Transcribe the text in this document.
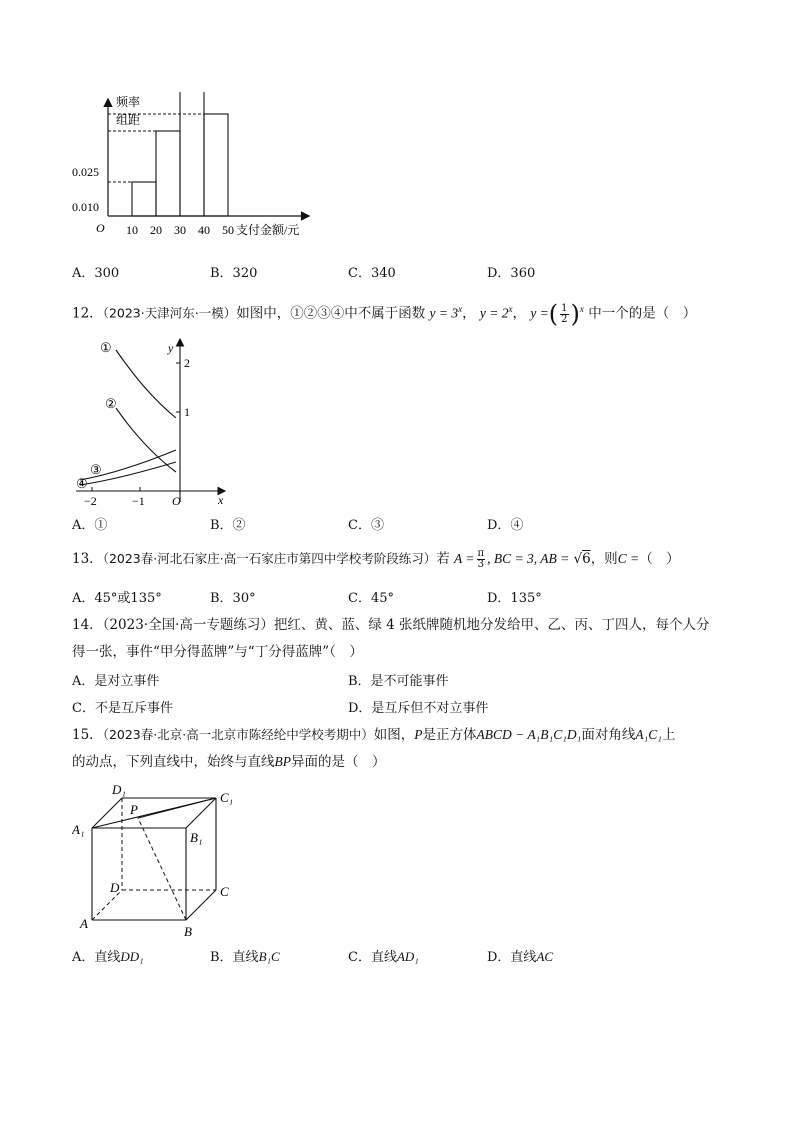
频率
组距
0.025
0.010
O 10 20 30 40 50 支付金额/元
A．300	B．320	C．340	D．360
12．（2023·天津河东·一模）如图中，①②③④中不属于函数 $y = 3^x$， $y = 2^x$， y =( $\frac{1}{2} )^x$ 中一个的是（　）
①
②
③
④
y
x
2
1
−2	−1 O
A．①	B．②	C．③	D．④
13．（2023春·河北石家庄·高一石家庄市第四中学校考阶段练习）若 $A = \frac{\pi}{3}$ , BC = 3, AB = √6，则C =（　）
A．45°或135°	B．30°	C．45°	D．135°
14．（2023·全国·高一专题练习）把红、黄、蓝、绿 4 张纸牌随机地分发给甲、乙、丙、丁四人，每个人分
得一张，事件“甲分得蓝牌”与“丁分得蓝牌”（　）
A．是对立事件	B．是不可能事件
C．不是互斥事件	D．是互斥但不对立事件
15．（2023春·北京·高一北京市陈经纶中学校考期中）如图，P是正方体ABCD − A₁B₁C₁D₁面对角线A₁C₁上
的动点，下列直线中，始终与直线BP异面的是（　）
D₁
C₁
A₁
P
B₁
D	C
A
B
A．直线DD₁	B．直线B₁C	C．直线AD₁	D．直线AC
